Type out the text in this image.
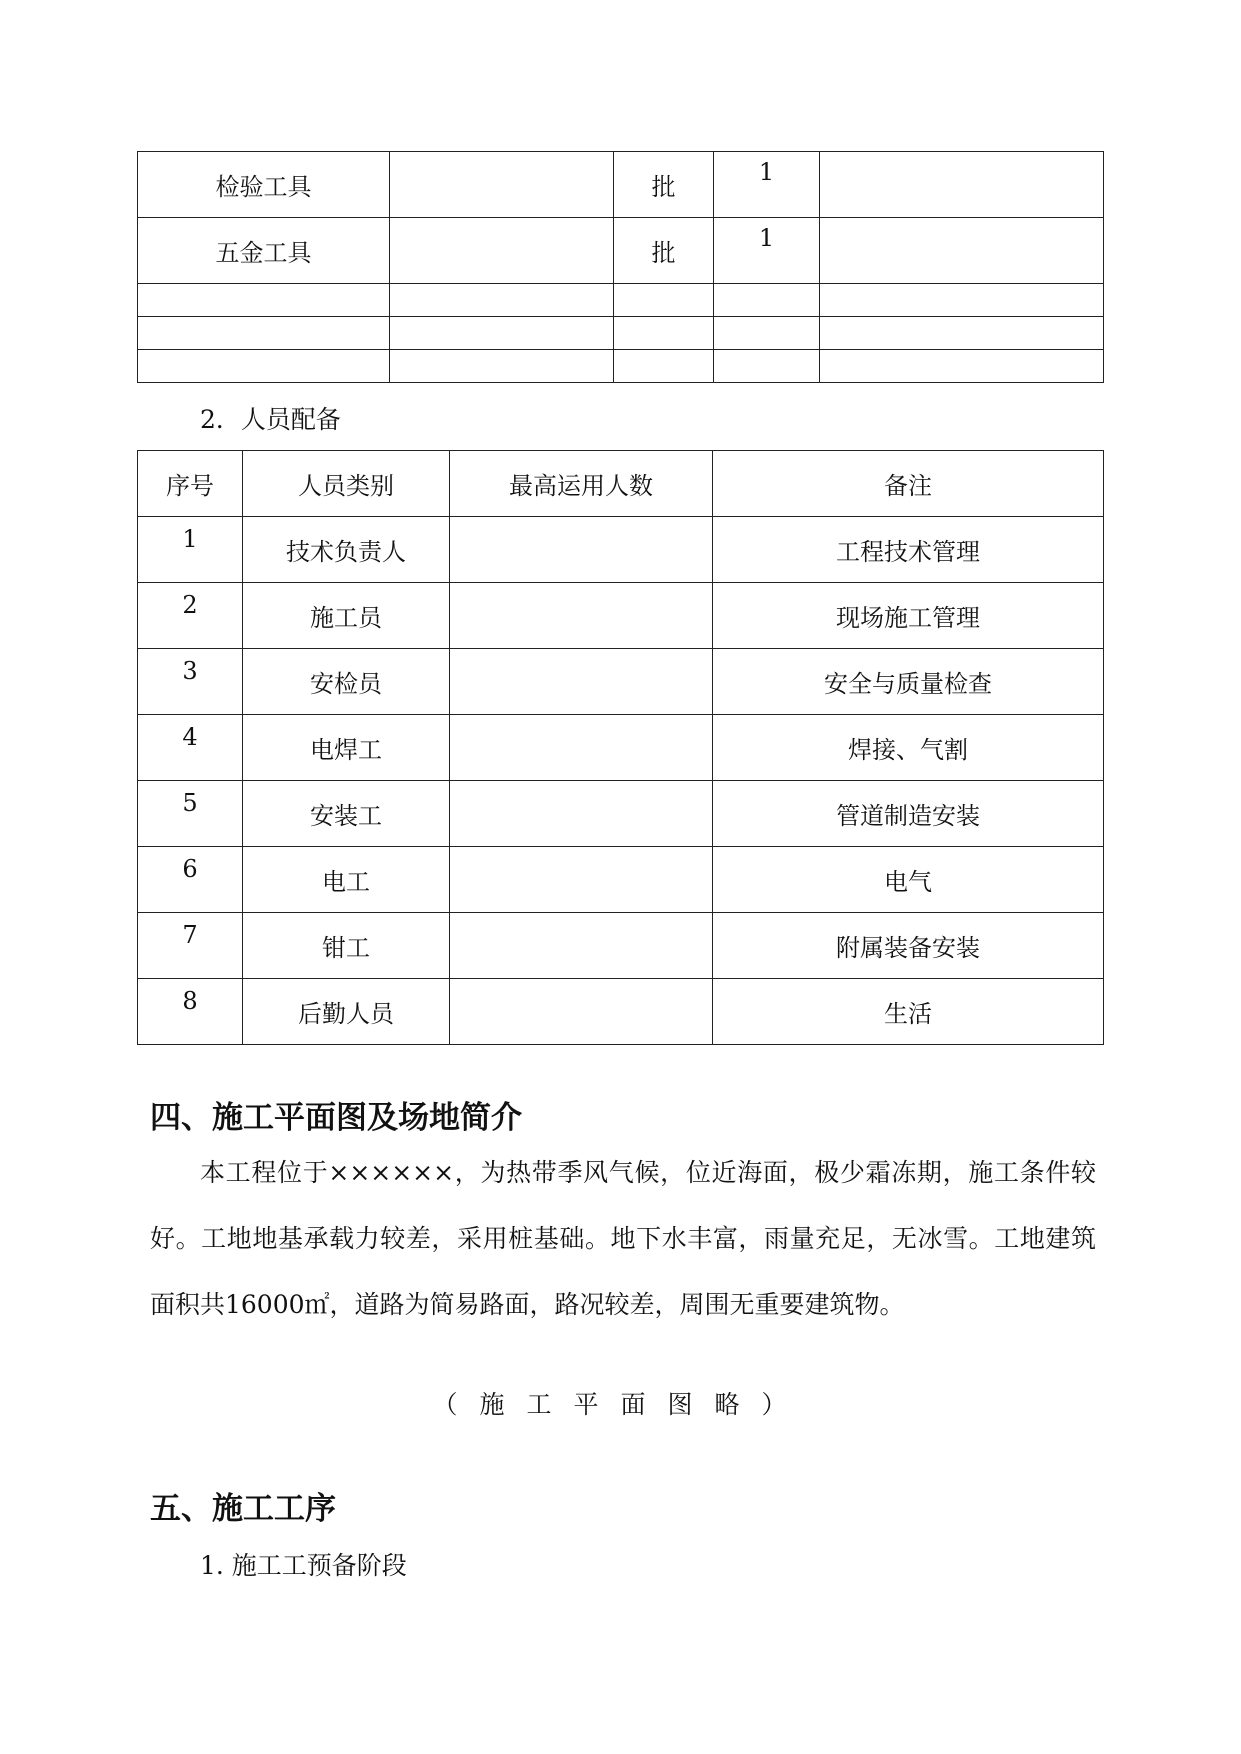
检验工具		批	1	
五金工具		批	1	

2．人员配备
序号	人员类别	最高运用人数	备注
1	技术负责人		工程技术管理
2	施工员		现场施工管理
3	安检员		安全与质量检查
4	电焊工		焊接、气割
5	安装工		管道制造安装
6	电工		电气
7	钳工		附属装备安装
8	后勤人员		生活
四、施工平面图及场地简介
本工程位于××××××，为热带季风气候，位近海面，极少霜冻期，施工条件较好。工地地基承载力较差，采用桩基础。地下水丰富，雨量充足，无冰雪。工地建筑面积共16000㎡，道路为简易路面，路况较差，周围无重要建筑物。
（施工平面图略）
五、施工工序
1. 施工工预备阶段
